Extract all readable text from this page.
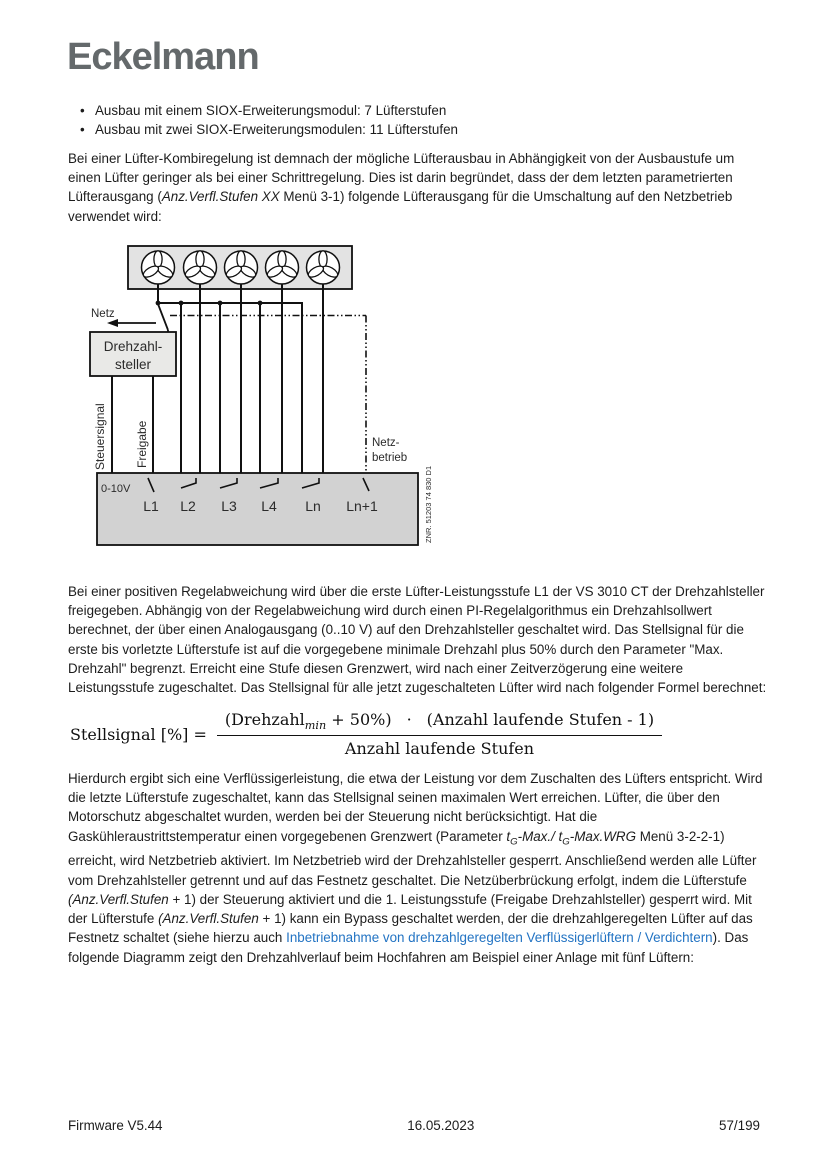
Eckelmann
• Ausbau mit einem SIOX-Erweiterungsmodul: 7 Lüfterstufen
• Ausbau mit zwei SIOX-Erweiterungsmodulen: 11 Lüfterstufen

Bei einer Lüfter-Kombiregelung ist demnach der mögliche Lüfterausbau in Abhängigkeit von der Ausbaustufe um einen Lüfter geringer als bei einer Schrittregelung. Dies ist darin begründet, dass der dem letzten parametrierten Lüfterausgang (Anz.Verfl.Stufen XX Menü 3-1) folgende Lüfterausgang für die Umschaltung auf den Netzbetrieb verwendet wird:

Netz
Netz-
betrieb
Drehzahl-
steller
Steuersignal Freigabe
0-10V
L1 L2 L3 L4 Ln Ln+1	ZNR. 51203 74 830 D1

Bei einer positiven Regelabweichung wird über die erste Lüfter-Leistungsstufe L1 der VS 3010 CT der Drehzahlsteller freigegeben. Abhängig von der Regelabweichung wird durch einen PI-Regelalgorithmus ein Drehzahlsollwert berechnet, der über einen Analogausgang (0..10 V) auf den Drehzahlsteller geschaltet wird. Das Stellsignal für die erste bis vorletzte Lüfterstufe ist auf die vorgegebene minimale Drehzahl plus 50% durch den Parameter "Max. Drehzahl" begrenzt. Erreicht eine Stufe diesen Grenzwert, wird nach einer Zeitverzögerung eine weitere Leistungsstufe zugeschaltet. Das Stellsignal für alle jetzt zugeschalteten Lüfter wird nach folgender Formel berechnet:

Stellsignal [%] = $\frac{(Drehzahl_{min} + 50\%) \cdot (Anzahl laufende Stufen - 1)}{\text{Anzahl laufende Stufen}}$

Hierdurch ergibt sich eine Verflüssigerleistung, die etwa der Leistung vor dem Zuschalten des Lüfters entspricht. Wird die letzte Lüfterstufe zugeschaltet, kann das Stellsignal seinen maximalen Wert erreichen. Lüfter, die über den Motorschutz abgeschaltet wurden, werden bei der Steuerung nicht berücksichtigt. Hat die Gaskühleraustrittstemperatur einen vorgegebenen Grenzwert (Parameter $t_G-Max./$ $t_G-Max.WRG$ Menü 3-2-2-1) erreicht, wird Netzbetrieb aktiviert. Im Netzbetrieb wird der Drehzahlsteller gesperrt. Anschließend werden alle Lüfter vom Drehzahlsteller getrennt und auf das Festnetz geschaltet. Die Netzüberbrückung erfolgt, indem die Lüfterstufe (Anz.Verfl.Stufen + 1) der Steuerung aktiviert und die 1. Leistungsstufe (Freigabe Drehzahlsteller) gesperrt wird. Mit der Lüfterstufe (Anz.Verfl.Stufen + 1) kann ein Bypass geschaltet werden, der die drehzahlgeregelten Lüfter auf das Festnetz schaltet (siehe hierzu auch Inbetriebnahme von drehzahlgeregelten Verflüssigerlüftern / Verdichtern). Das folgende Diagramm zeigt den Drehzahlverlauf beim Hochfahren am Beispiel einer Anlage mit fünf Lüftern:

Firmware V5.44	16.05.2023	57/199
